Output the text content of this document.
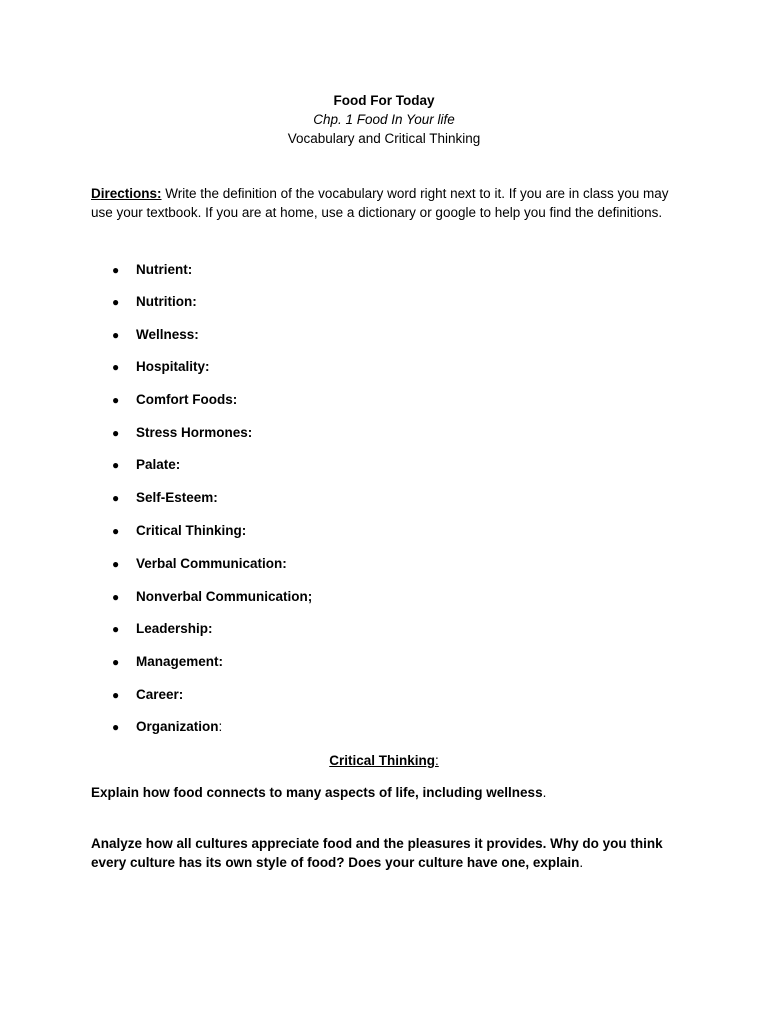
Food For Today
Chp. 1 Food In Your life
Vocabulary and Critical Thinking
Directions: Write the definition of the vocabulary word right next to it. If you are in class you may use your textbook. If you are at home, use a dictionary or google to help you find the definitions.
● Nutrient:
● Nutrition:
● Wellness:
● Hospitality:
● Comfort Foods:
● Stress Hormones:
● Palate:
● Self-Esteem:
● Critical Thinking:
● Verbal Communication:
● Nonverbal Communication;
● Leadership:
● Management:
● Career:
● Organization:
Critical Thinking:
Explain how food connects to many aspects of life, including wellness.
Analyze how all cultures appreciate food and the pleasures it provides. Why do you think every culture has its own style of food? Does your culture have one, explain.
